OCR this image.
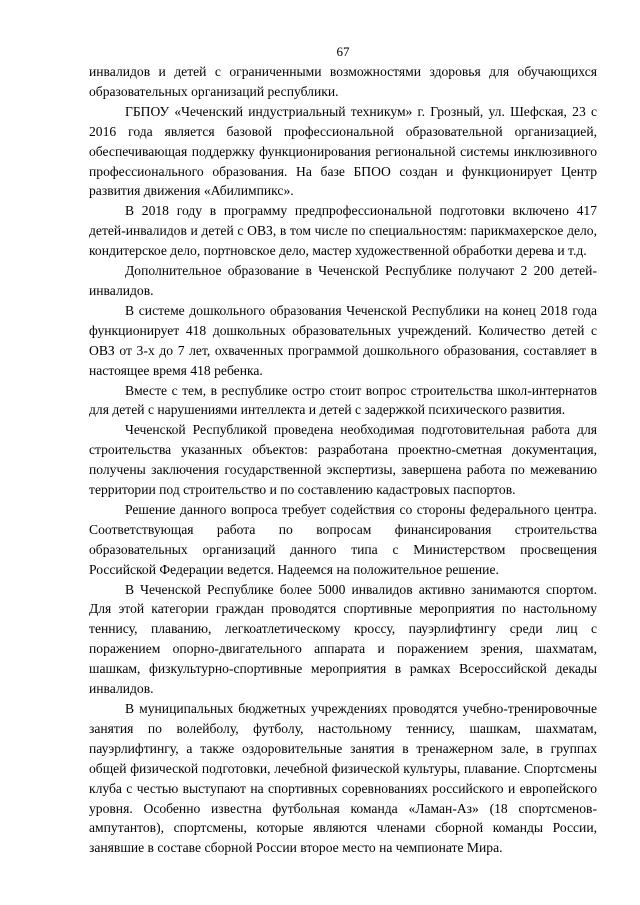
67

инвалидов и детей с ограниченными возможностями здоровья для обучающихся образовательных организаций республики.

ГБПОУ «Чеченский индустриальный техникум» г. Грозный, ул. Шефская, 23 с 2016 года является базовой профессиональной образовательной организацией, обеспечивающая поддержку функционирования региональной системы инклюзивного профессионального образования. На базе БПОО создан и функционирует Центр развития движения «Абилимпикс».

В 2018 году в программу предпрофессиональной подготовки включено 417 детей-инвалидов и детей с ОВЗ, в том числе по специальностям: парикмахерское дело, кондитерское дело, портновское дело, мастер художественной обработки дерева и т.д.

Дополнительное образование в Чеченской Республике получают 2 200 детей-инвалидов.

В системе дошкольного образования Чеченской Республики на конец 2018 года функционирует 418 дошкольных образовательных учреждений. Количество детей с ОВЗ от 3-х до 7 лет, охваченных программой дошкольного образования, составляет в настоящее время 418 ребенка.

Вместе с тем, в республике остро стоит вопрос строительства школ-интернатов для детей с нарушениями интеллекта и детей с задержкой психического развития.

Чеченской Республикой проведена необходимая подготовительная работа для строительства указанных объектов: разработана проектно-сметная документация, получены заключения государственной экспертизы, завершена работа по межеванию территории под строительство и по составлению кадастровых паспортов.

Решение данного вопроса требует содействия со стороны федерального центра. Соответствующая работа по вопросам финансирования строительства образовательных организаций данного типа с Министерством просвещения Российской Федерации ведется. Надеемся на положительное решение.

В Чеченской Республике более 5000 инвалидов активно занимаются спортом. Для этой категории граждан проводятся спортивные мероприятия по настольному теннису, плаванию, легкоатлетическому кроссу, пауэрлифтингу среди лиц с поражением опорно-двигательного аппарата и поражением зрения, шахматам, шашкам, физкультурно-спортивные мероприятия в рамках Всероссийской декады инвалидов.

В муниципальных бюджетных учреждениях проводятся учебно-тренировочные занятия по волейболу, футболу, настольному теннису, шашкам, шахматам, пауэрлифтингу, а также оздоровительные занятия в тренажерном зале, в группах общей физической подготовки, лечебной физической культуры, плавание. Спортсмены клуба с честью выступают на спортивных соревнованиях российского и европейского уровня. Особенно известна футбольная команда «Ламан-Аз» (18 спортсменов-ампутантов), спортсмены, которые являются членами сборной команды России, занявшие в составе сборной России второе место на чемпионате Мира.
